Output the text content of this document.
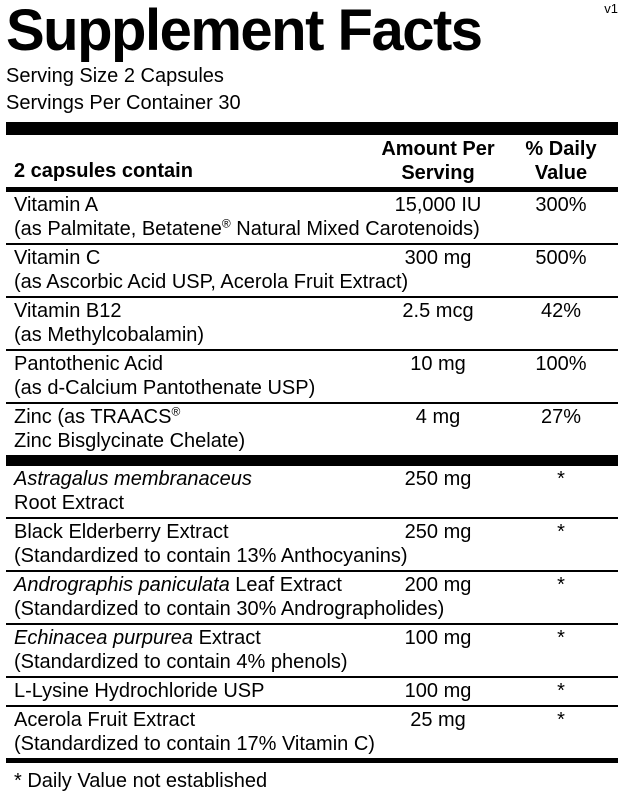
Supplement Facts	v1
Serving Size 2 Capsules
Servings Per Container 30
2 capsules contain
Amount Per
Serving
% Daily
Value
Vitamin A
(as Palmitate, Betatene® Natural Mixed Carotenoids)
15,000 IU	300%
Vitamin C
(as Ascorbic Acid USP, Acerola Fruit Extract)
300 mg	500%
Vitamin B12
(as Methylcobalamin)
2.5 mcg	42%
Pantothenic Acid
(as d-Calcium Pantothenate USP)
10 mg	100%
Zinc (as TRAACS®
Zinc Bisglycinate Chelate)
4 mg	27%
Astragalus membranaceus
Root Extract
250 mg	*
Black Elderberry Extract
(Standardized to contain 13% Anthocyanins)
250 mg	*
Andrographis paniculata Leaf Extract
(Standardized to contain 30% Andrographolides)
200 mg	*
Echinacea purpurea Extract
(Standardized to contain 4% phenols)
100 mg	*
L-Lysine Hydrochloride USP	100 mg	*
Acerola Fruit Extract
(Standardized to contain 17% Vitamin C)
25 mg	*
* Daily Value not established
